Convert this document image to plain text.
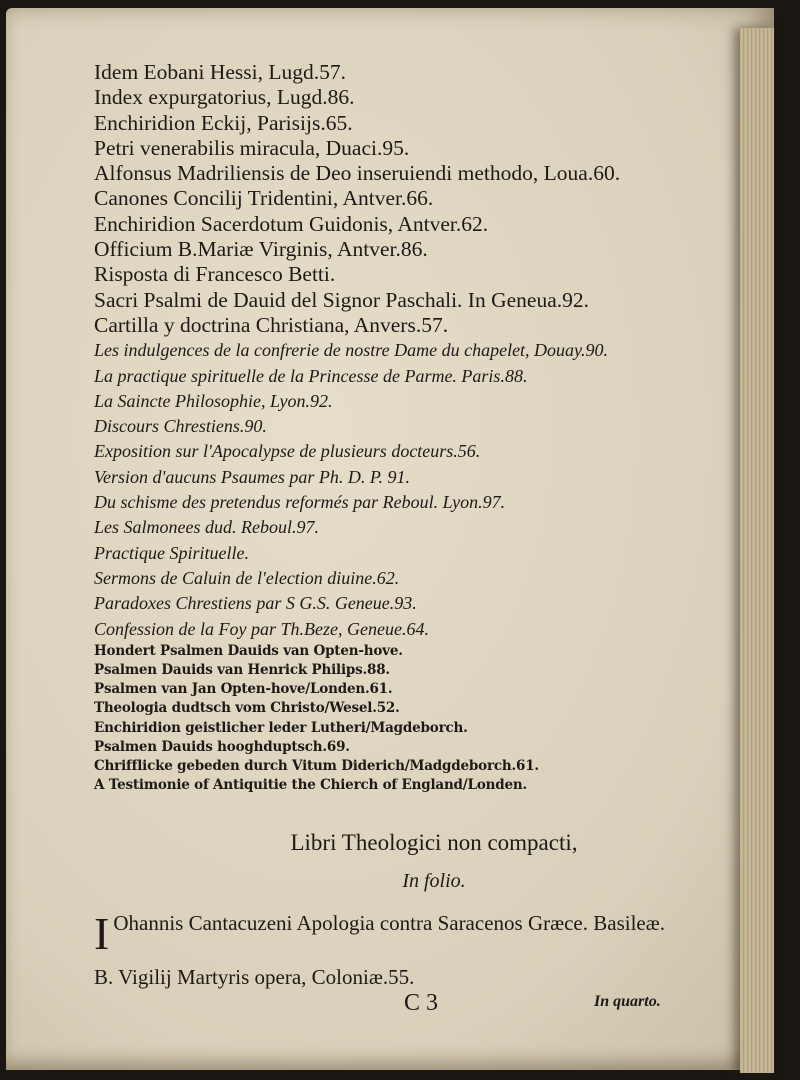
Idem Eobani Hessi, Lugd.57.
Index expurgatorius, Lugd.86.
Enchiridion Eckij, Parisijs.65.
Petri venerabilis miracula, Duaci.95.
Alfonsus Madriliensis de Deo inseruiendi methodo, Loua.60.
Canones Concilij Tridentini, Antver.66.
Enchiridion Sacerdotum Guidonis, Antver.62.
Officium B.Mariæ Virginis, Antver.86.
Risposta di Francesco Betti.
Sacri Psalmi de Dauid del Signor Paschali. In Geneua.92.
Cartilla y doctrina Christiana, Anvers.57.
Les indulgences de la confrerie de nostre Dame du chapelet, Douay.90.
La practique spirituelle de la Princesse de Parme. Paris.88.
La Saincte Philosophie, Lyon.92.
Discours Chrestiens.90.
Exposition sur l'Apocalypse de plusieurs docteurs.56.
Version d'aucuns Psaumes par Ph. D. P. 91.
Du schisme des pretendus reformés par Reboul. Lyon.97.
Les Salmonees dud. Reboul.97.
Practique Spirituelle.
Sermons de Caluin de l'election diuine.62.
Paradoxes Chrestiens par S G.S. Geneue.93.
Confession de la Foy par Th.Beze, Geneue.64.
Hondert Psalmen Dauids van Opten-hove.
Psalmen Dauids van Henrick Philips.88.
Psalmen van Jan Opten-hove/Londen.61.
Theologia dudtsch vom Christo/Wesel.52.
Enchiridion geistlicher leder Lutheri/Magdeborch.
Psalmen Dauids hooghduptsch.69.
Chrifflicke gebeden durch Vitum Diderich/Madgdeborch.61.
A Testimonie of Antiquitie the Chierch of England/Londen.
Libri Theologici non compacti,
In folio.
I Ohannis Cantacuzeni Apologia contra Saracenos Græce. Basileæ.
B. Vigilij Martyris opera, Coloniæ.55.
C 3	In quarto.
